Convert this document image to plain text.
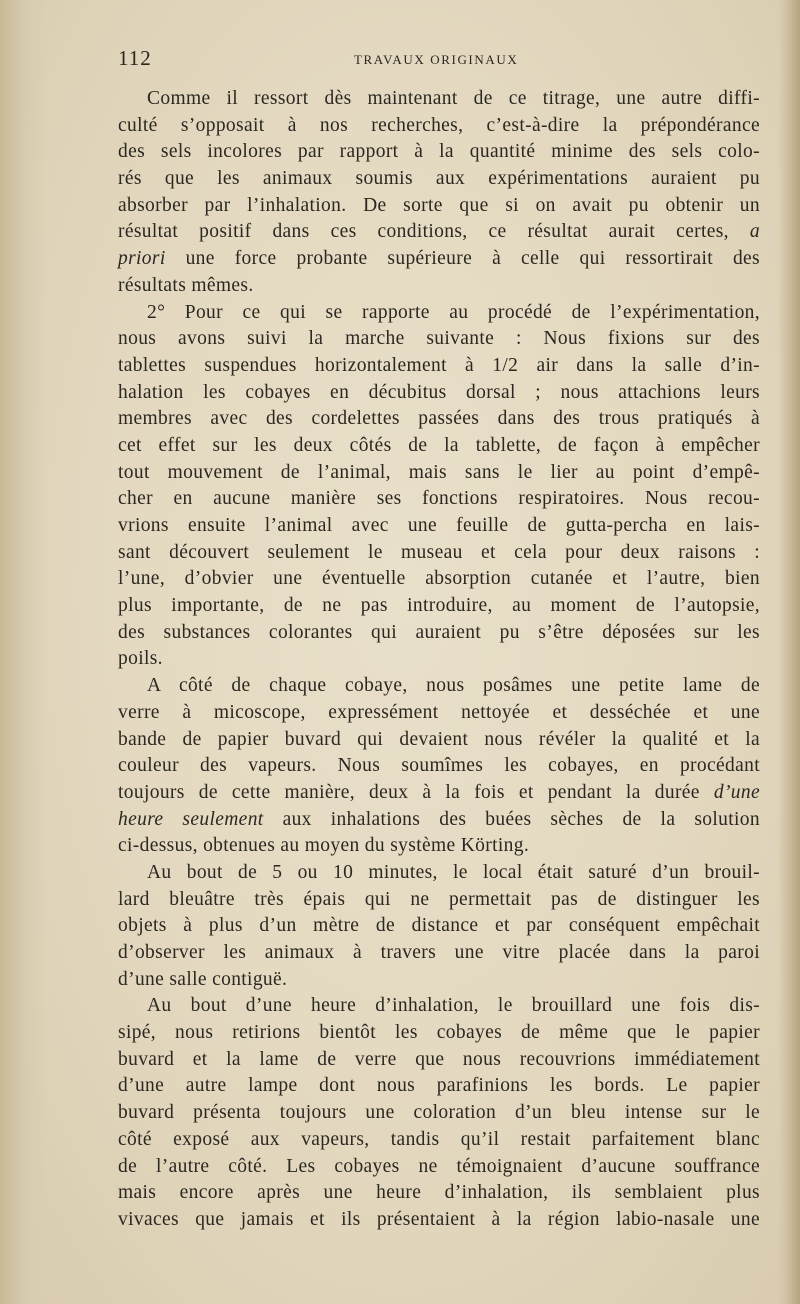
112	TRAVAUX ORIGINAUX
Comme il ressort dès maintenant de ce titrage, une autre diffi-
culté s’opposait à nos recherches, c’est-à-dire la prépondérance
des sels incolores par rapport à la quantité minime des sels colo-
rés que les animaux soumis aux expérimentations auraient pu
absorber par l’inhalation. De sorte que si on avait pu obtenir un
résultat positif dans ces conditions, ce résultat aurait certes, a
priori une force probante supérieure à celle qui ressortirait des
résultats mêmes.
2° Pour ce qui se rapporte au procédé de l’expérimentation,
nous avons suivi la marche suivante : Nous fixions sur des
tablettes suspendues horizontalement à 1/2 air dans la salle d’in-
halation les cobayes en décubitus dorsal ; nous attachions leurs
membres avec des cordelettes passées dans des trous pratiqués à
cet effet sur les deux côtés de la tablette, de façon à empêcher
tout mouvement de l’animal, mais sans le lier au point d’empê-
cher en aucune manière ses fonctions respiratoires. Nous recou-
vrions ensuite l’animal avec une feuille de gutta-percha en lais-
sant découvert seulement le museau et cela pour deux raisons :
l’une, d’obvier une éventuelle absorption cutanée et l’autre, bien
plus importante, de ne pas introduire, au moment de l’autopsie,
des substances colorantes qui auraient pu s’être déposées sur les
poils.
A côté de chaque cobaye, nous posâmes une petite lame de
verre à micoscope, expressément nettoyée et desséchée et une
bande de papier buvard qui devaient nous révéler la qualité et la
couleur des vapeurs. Nous soumîmes les cobayes, en procédant
toujours de cette manière, deux à la fois et pendant la durée d’une
heure seulement aux inhalations des buées sèches de la solution
ci-dessus, obtenues au moyen du système Körting.
Au bout de 5 ou 10 minutes, le local était saturé d’un brouil-
lard bleuâtre très épais qui ne permettait pas de distinguer les
objets à plus d’un mètre de distance et par conséquent empêchait
d’observer les animaux à travers une vitre placée dans la paroi
d’une salle contiguë.
Au bout d’une heure d’inhalation, le brouillard une fois dis-
sipé, nous retirions bientôt les cobayes de même que le papier
buvard et la lame de verre que nous recouvrions immédiatement
d’une autre lampe dont nous parafinions les bords. Le papier
buvard présenta toujours une coloration d’un bleu intense sur le
côté exposé aux vapeurs, tandis qu’il restait parfaitement blanc
de l’autre côté. Les cobayes ne témoignaient d’aucune souffrance
mais encore après une heure d’inhalation, ils semblaient plus
vivaces que jamais et ils présentaient à la région labio-nasale une
